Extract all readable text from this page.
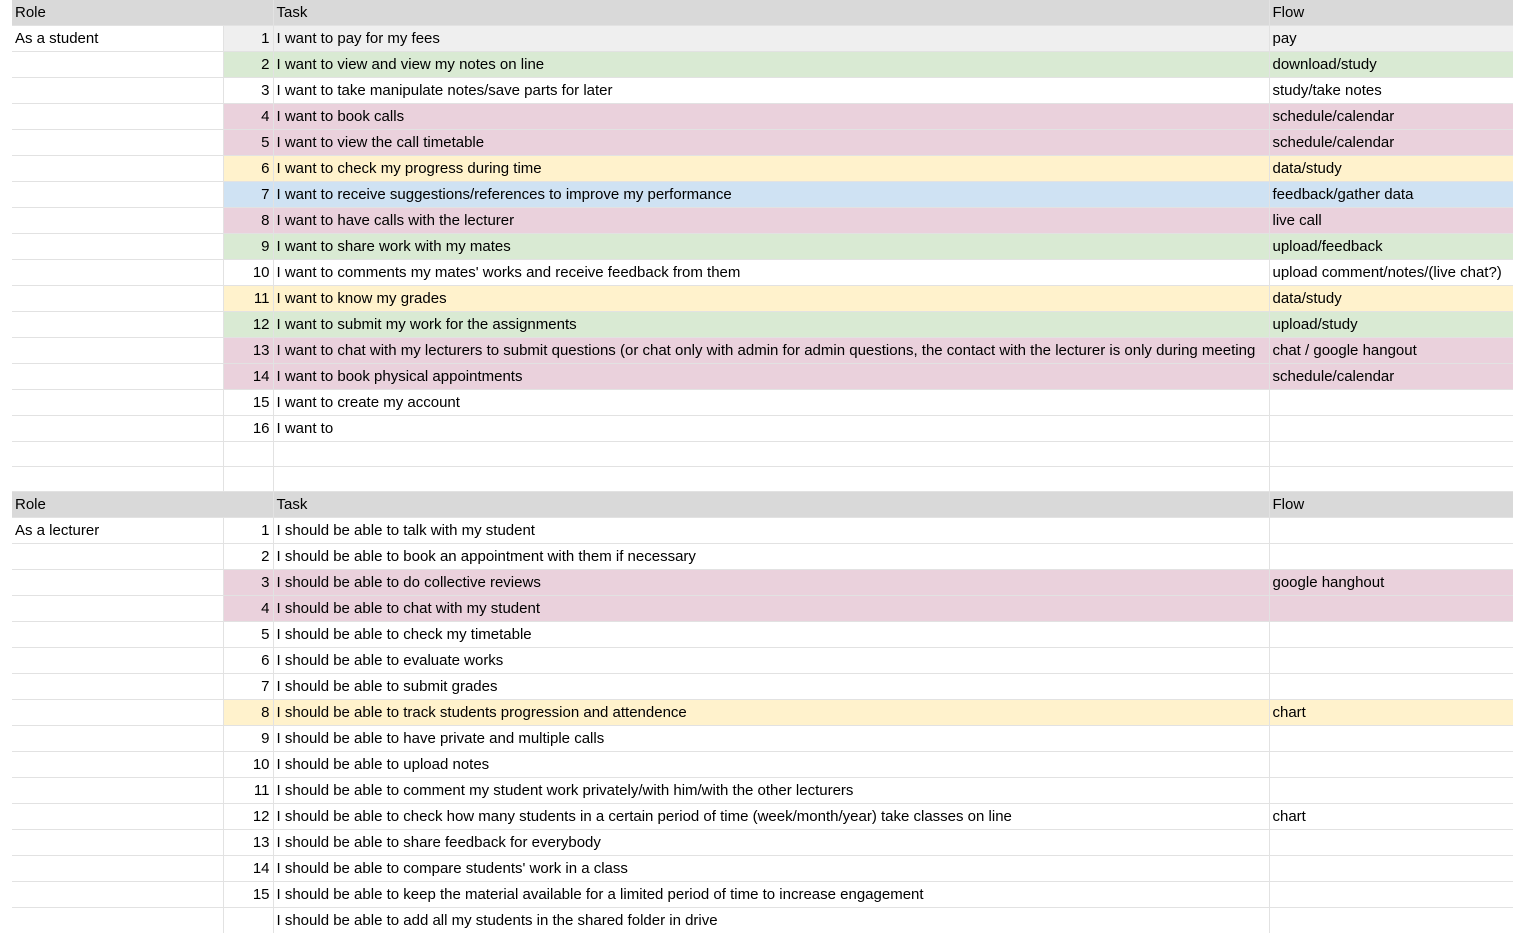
Role		Task	Flow
As a student	1	I want to pay for my fees	pay
	2	I want to view and view my notes on line	download/study
	3	I want to take manipulate notes/save parts for later	study/take notes
	4	I want to book calls	schedule/calendar
	5	I want to view the call timetable	schedule/calendar
	6	I want to check my progress during time	data/study
	7	I want to receive suggestions/references to improve my performance	feedback/gather data
	8	I want to have calls with the lecturer	live call
	9	I want to share work with my mates	upload/feedback
	10	I want to comments my mates' works and receive feedback from them	upload comment/notes/(live chat?)
	11	I want to know my grades	data/study
	12	I want to submit my work for the assignments	upload/study
	13	I want to chat with my lecturers to submit questions (or chat only with admin for admin questions, the contact with the lecturer is only during meeting	chat / google hangout
	14	I want to book physical appointments	schedule/calendar
	15	I want to create my account	
	16	I want to	

Role		Task	Flow
As a lecturer	1	I should be able to talk with my student	
	2	I should be able to book an appointment with them if necessary	
	3	I should be able to do collective reviews	google hanghout
	4	I should be able to chat with my student	
	5	I should be able to check my timetable	
	6	I should be able to evaluate works	
	7	I should be able to submit grades	
	8	I should be able to track students progression and attendence	chart
	9	I should be able to have private and multiple calls	
	10	I should be able to upload notes	
	11	I should be able to comment my student work privately/with him/with the other lecturers	
	12	I should be able to check how many students in a certain period of time (week/month/year) take classes on line	chart
	13	I should be able to share feedback for everybody	
	14	I should be able to compare students' work in a class	
	15	I should be able to keep the material available for a limited period of time to increase engagement	
		I should be able to add all my students in the shared folder in drive	
